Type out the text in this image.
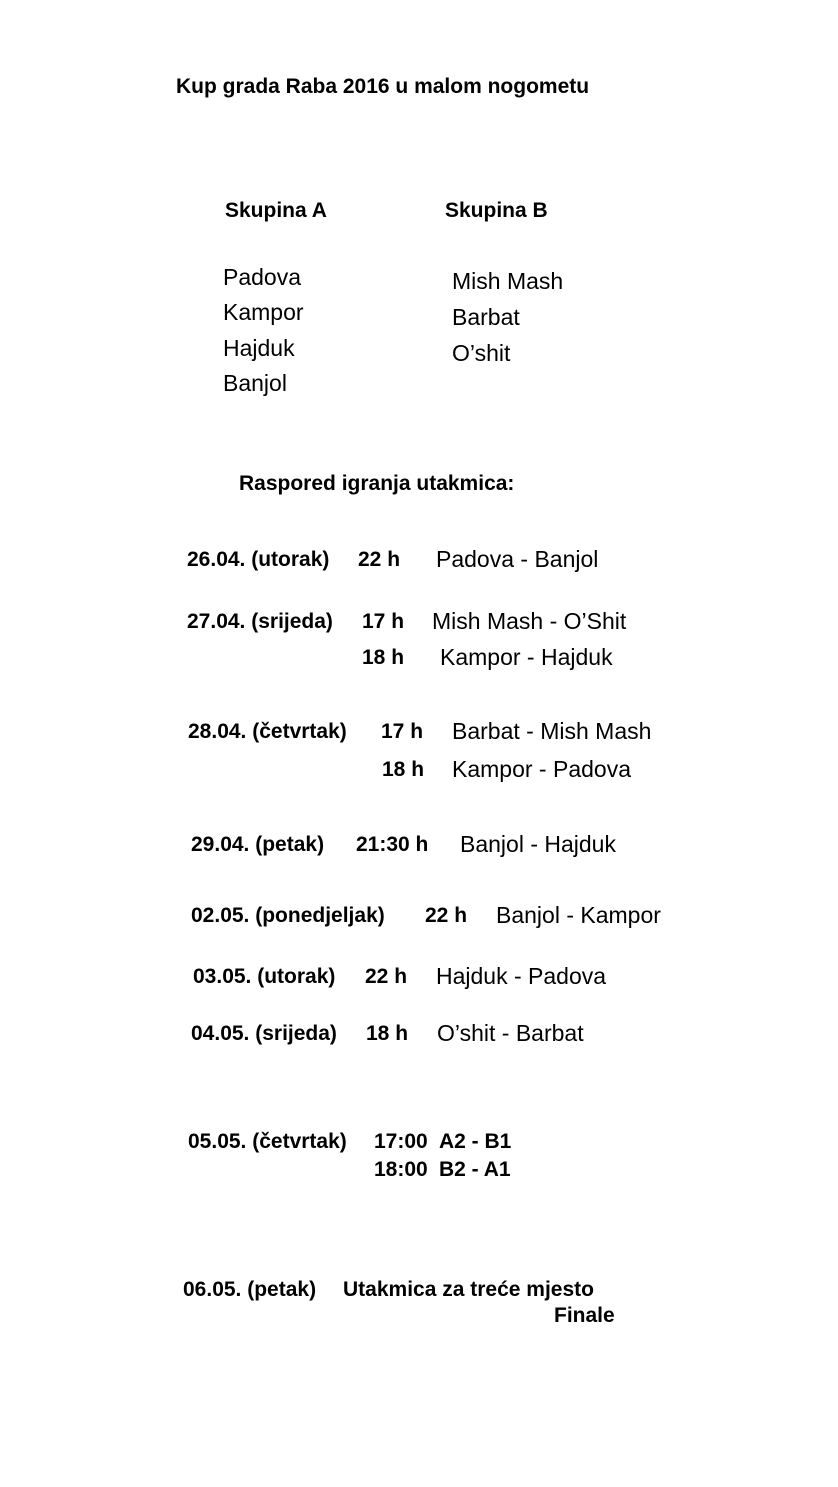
Kup grada Raba 2016 u malom nogometu
Skupina A	Skupina B
Padova
Kampor
Hajduk
Banjol
Mish Mash
Barbat
O’shit
Raspored igranja utakmica:
26.04. (utorak) 22 h Padova - Banjol
27.04. (srijeda) 17 h Mish Mash - O’Shit
18 h Kampor - Hajduk
28.04. (četvrtak) 17 h Barbat - Mish Mash
18 h Kampor - Padova
29.04. (petak) 21:30 h Banjol - Hajduk
02.05. (ponedjeljak) 22 h Banjol - Kampor
03.05. (utorak) 22 h Hajduk - Padova
04.05. (srijeda) 18 h O’shit - Barbat
05.05. (četvrtak) 17:00 A2 - B1
18:00 B2 - A1
06.05. (petak) Utakmica za treće mjesto
Finale
